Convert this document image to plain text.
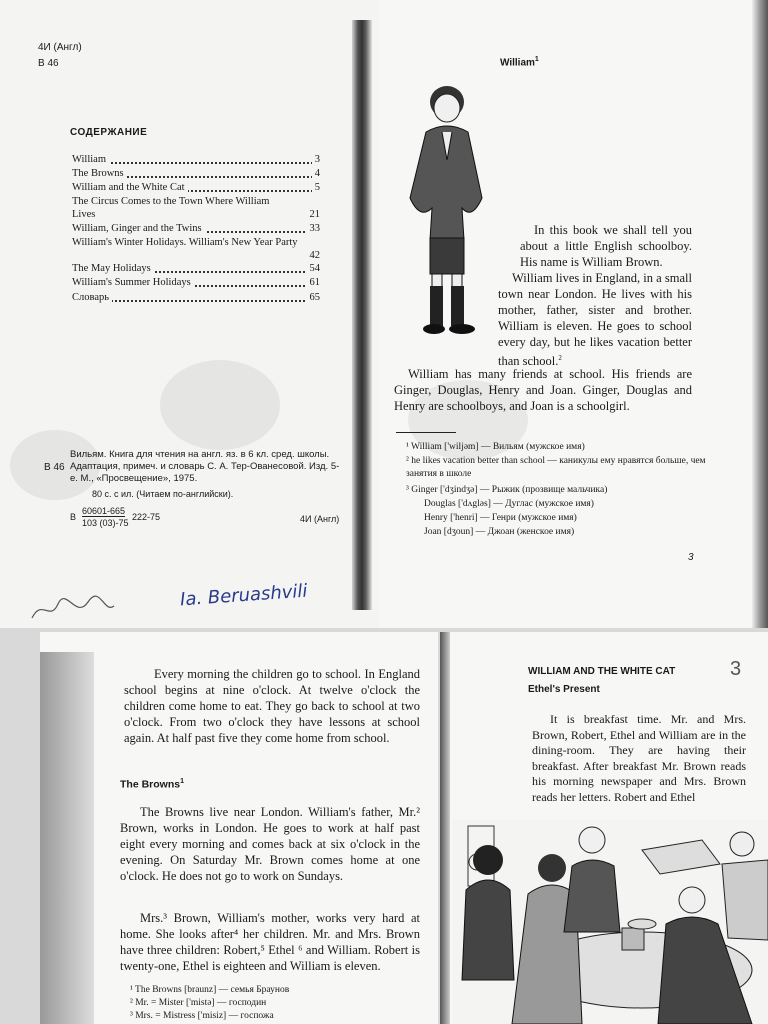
4И (Англ)
В 46
СОДЕРЖАНИЕ
William	3
The Browns	4
William and the White Cat	5
The Circus Comes to the Town Where William Lives	21
William, Ginger and the Twins	33
William's Winter Holidays. William's New Year Party
42
The May Holidays	54
William's Summer Holidays	61
Словарь	65
В 46
Вильям. Книга для чтения на англ. яз. в 6 кл. сред. школы. Адаптация, примеч. и словарь С. А. Тер-Ованесовой. Изд. 5-е. М., «Просвещение», 1975.
80 с. с ил. (Читаем по-английски).
В
60601-665
103 (03)-75
222-75	4И (Англ)
Ia. Beruashvili
William$^1$
In this book we shall tell you about a little English schoolboy. His name is William Brown.
William lives in England, in a small town near London. He lives with his mother, father, sister and brother. William is eleven. He goes to school every day, but he likes vacation better than school.$^2$
William has many friends at school. His friends are Ginger, Douglas, Henry and Joan. Ginger, Douglas and Henry are schoolboys, and Joan is a schoolgirl.
¹ William ['wiljəm] — Вильям (мужское имя)
² he likes vacation better than school — каникулы ему нравятся больше, чем занятия в школе
³ Ginger ['dʒindʒə] — Рыжик (прозвище мальчика)
Douglas ['dʌgləs] — Дуглас (мужское имя)
Henry ['henri] — Генри (мужское имя)
Joan [dʒoun] — Джоан (женское имя)
3
Every morning the children go to school. In England school begins at nine o'clock. At twelve o'clock the children come home to eat. They go back to school at two o'clock. From two o'clock they have lessons at school again. At half past five they come home from school.
The Browns$^1$
The Browns live near London. William's father, Mr.² Brown, works in London. He goes to work at half past eight every morning and comes back at six o'clock in the evening. On Saturday Mr. Brown comes home at one o'clock. He does not go to work on Sundays.
Mrs.³ Brown, William's mother, works very hard at home. She looks after⁴ her children. Mr. and Mrs. Brown have three children: Robert,⁵ Ethel ⁶ and William. Robert is twenty-one, Ethel is eighteen and William is eleven.
¹ The Browns [braunz] — семья Браунов
² Mr. = Mister ['mistə] — господин
³ Mrs. = Mistress ['misiz] — госпожа
WILLIAM AND THE WHITE CAT	3
Ethel's Present
It is breakfast time. Mr. and Mrs. Brown, Robert, Ethel and William are in the dining-room. They are having their breakfast. After breakfast Mr. Brown reads his morning newspaper and Mrs. Brown reads her letters. Robert and Ethel
